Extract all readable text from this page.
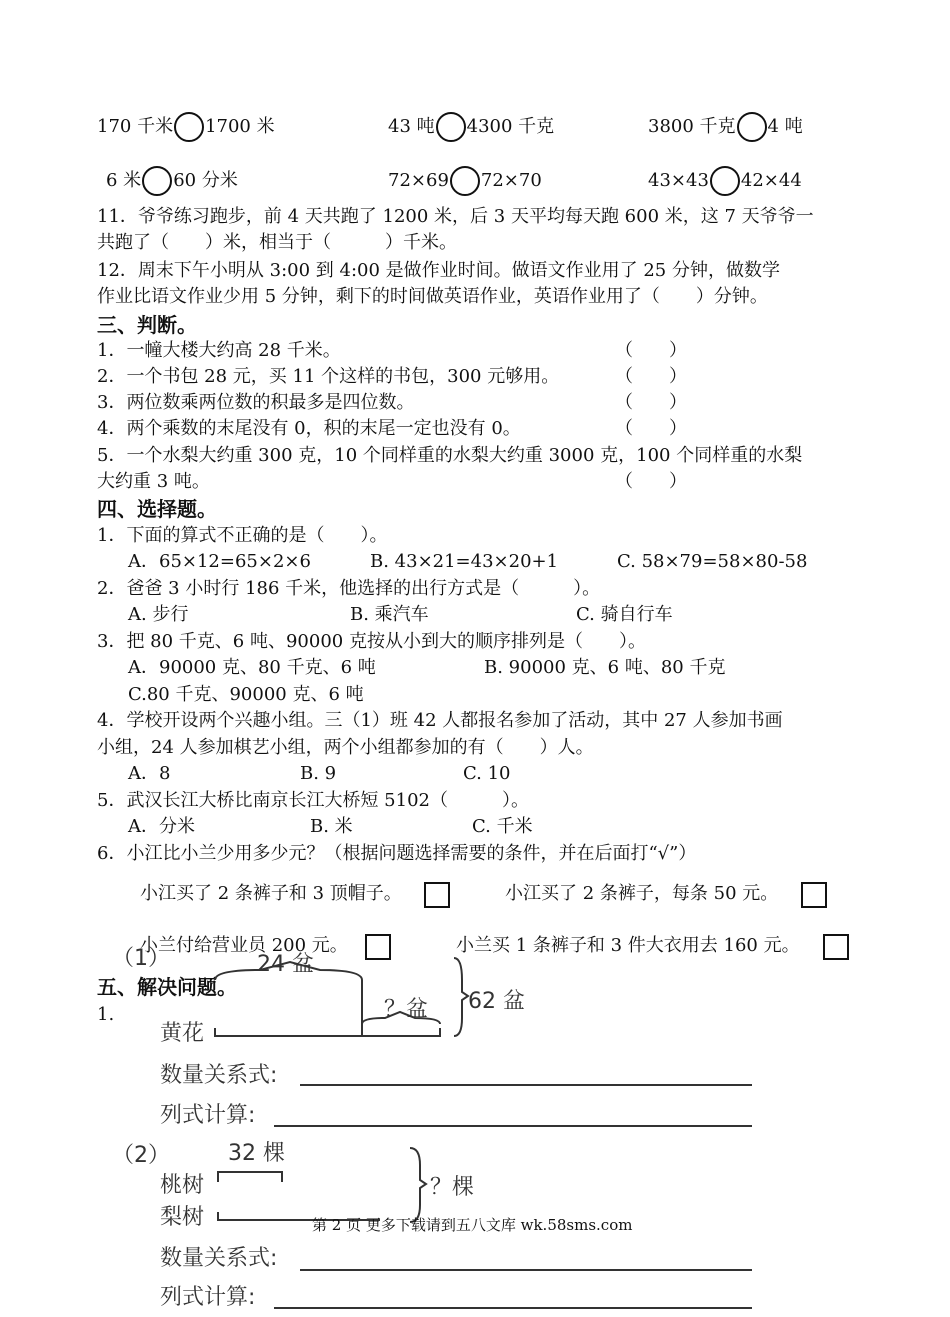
170 千米 1700 米	43 吨 4300 千克	3800 千克 4 吨
6 米 60 分米	72×69 72×70	43×43 42×44
11．爷爷练习跑步，前 4 天共跑了 1200 米，后 3 天平均每天跑 600 米，这 7 天爷爷一
共跑了（　　）米，相当于（　　　）千米。
12．周末下午小明从 3:00 到 4:00 是做作业时间。做语文作业用了 25 分钟，做数学
作业比语文作业少用 5 分钟，剩下的时间做英语作业，英语作业用了（　　）分钟。
三、判断。
1．一幢大楼大约高 28 千米。	（　　）
2．一个书包 28 元，买 11 个这样的书包，300 元够用。	（　　）
3．两位数乘两位数的积最多是四位数。	（　　）
4．两个乘数的末尾没有 0，积的末尾一定也没有 0。	（　　）
5．一个水梨大约重 300 克，10 个同样重的水梨大约重 3000 克，100 个同样重的水梨
大约重 3 吨。	（　　）
四、选择题。
1．下面的算式不正确的是（　　）。
A．65×12=65×2×6	B. 43×21=43×20+1	C. 58×79=58×80-58
2．爸爸 3 小时行 186 千米，他选择的出行方式是（　　　）。
A. 步行	B. 乘汽车	C. 骑自行车
3．把 80 千克、6 吨、90000 克按从小到大的顺序排列是（　　）。
A．90000 克、80 千克、6 吨	B. 90000 克、6 吨、80 千克
C.80 千克、90000 克、6 吨
4．学校开设两个兴趣小组。三（1）班 42 人都报名参加了活动，其中 27 人参加书画
小组，24 人参加棋艺小组，两个小组都参加的有（　　）人。
A．8	B. 9	C. 10
5．武汉长江大桥比南京长江大桥短 5102（　　　）。
A．分米	B. 米	C. 千米
6．小江比小兰少用多少元？（根据问题选择需要的条件，并在后面打“√”）
小江买了 2 条裤子和 3 顶帽子。	小江买了 2 条裤子，每条 50 元。
小兰付给营业员 200 元。	小兰买 1 条裤子和 3 件大衣用去 160 元。
（1）	24 盆
五、解决问题。
1.	？盆 62 盆
黄花
数量关系式:
列式计算:
（2）	32 棵
？棵
桃树
梨树
数量关系式:
列式计算:
第 2 页 更多下载请到五八文库 wk.58sms.com
